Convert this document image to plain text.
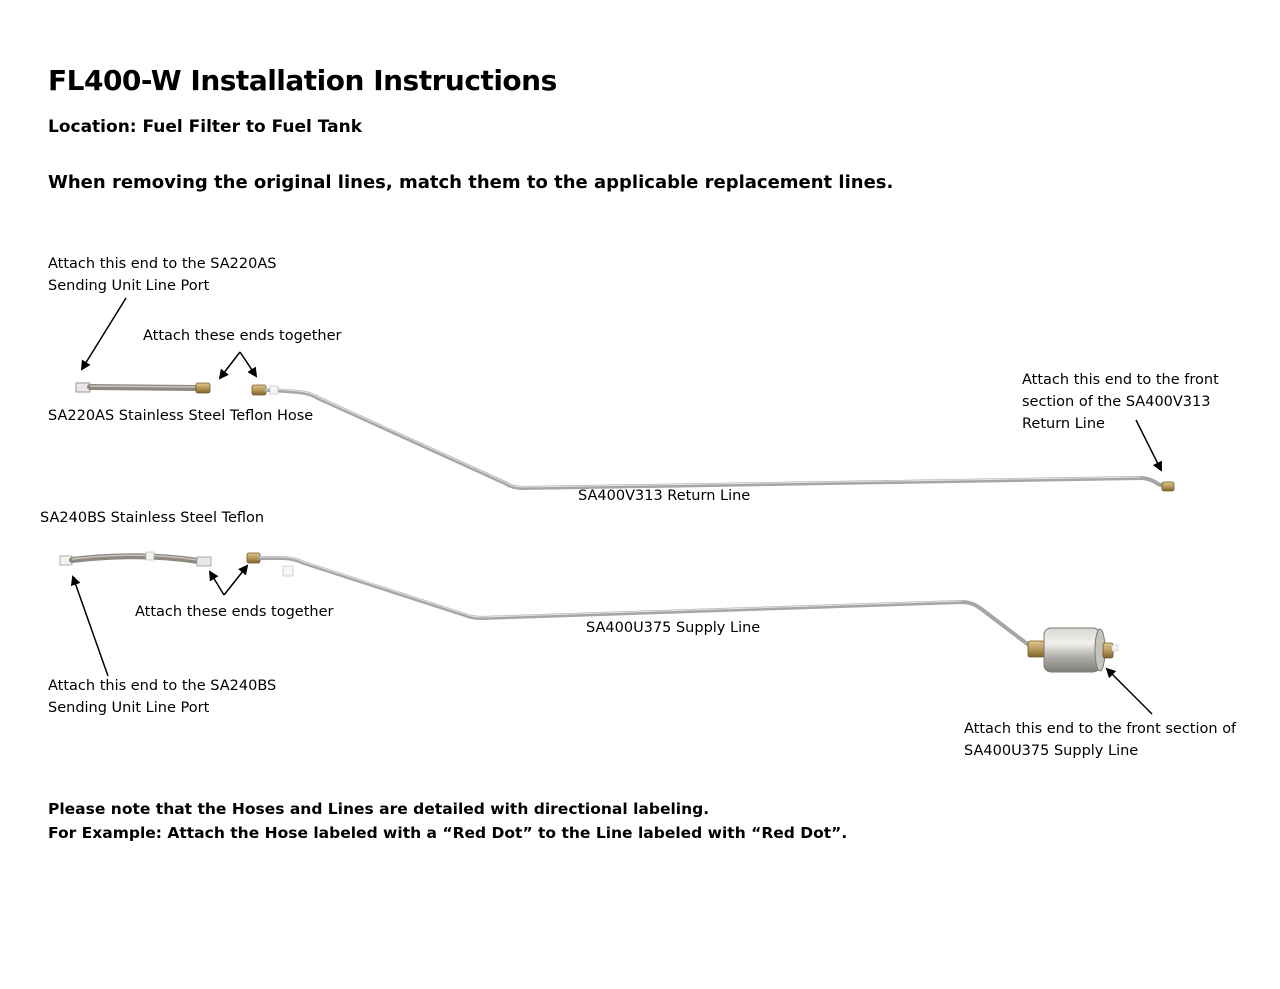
FL400-W Installation Instructions
Location: Fuel Filter to Fuel Tank
When removing the original lines, match them to the applicable replacement lines.
Attach this end to the SA220AS
Sending Unit Line Port
Attach these ends together
SA220AS Stainless Steel Teflon Hose
SA400V313 Return Line
Attach this end to the front
section of the SA400V313
Return Line
SA240BS Stainless Steel Teflon
Attach these ends together
SA400U375 Supply Line
Attach this end to the SA240BS
Sending Unit Line Port
Attach this end to the front section of
SA400U375 Supply Line
Please note that the Hoses and Lines are detailed with directional labeling.
For Example: Attach the Hose labeled with a “Red Dot” to the Line labeled with “Red Dot”.
